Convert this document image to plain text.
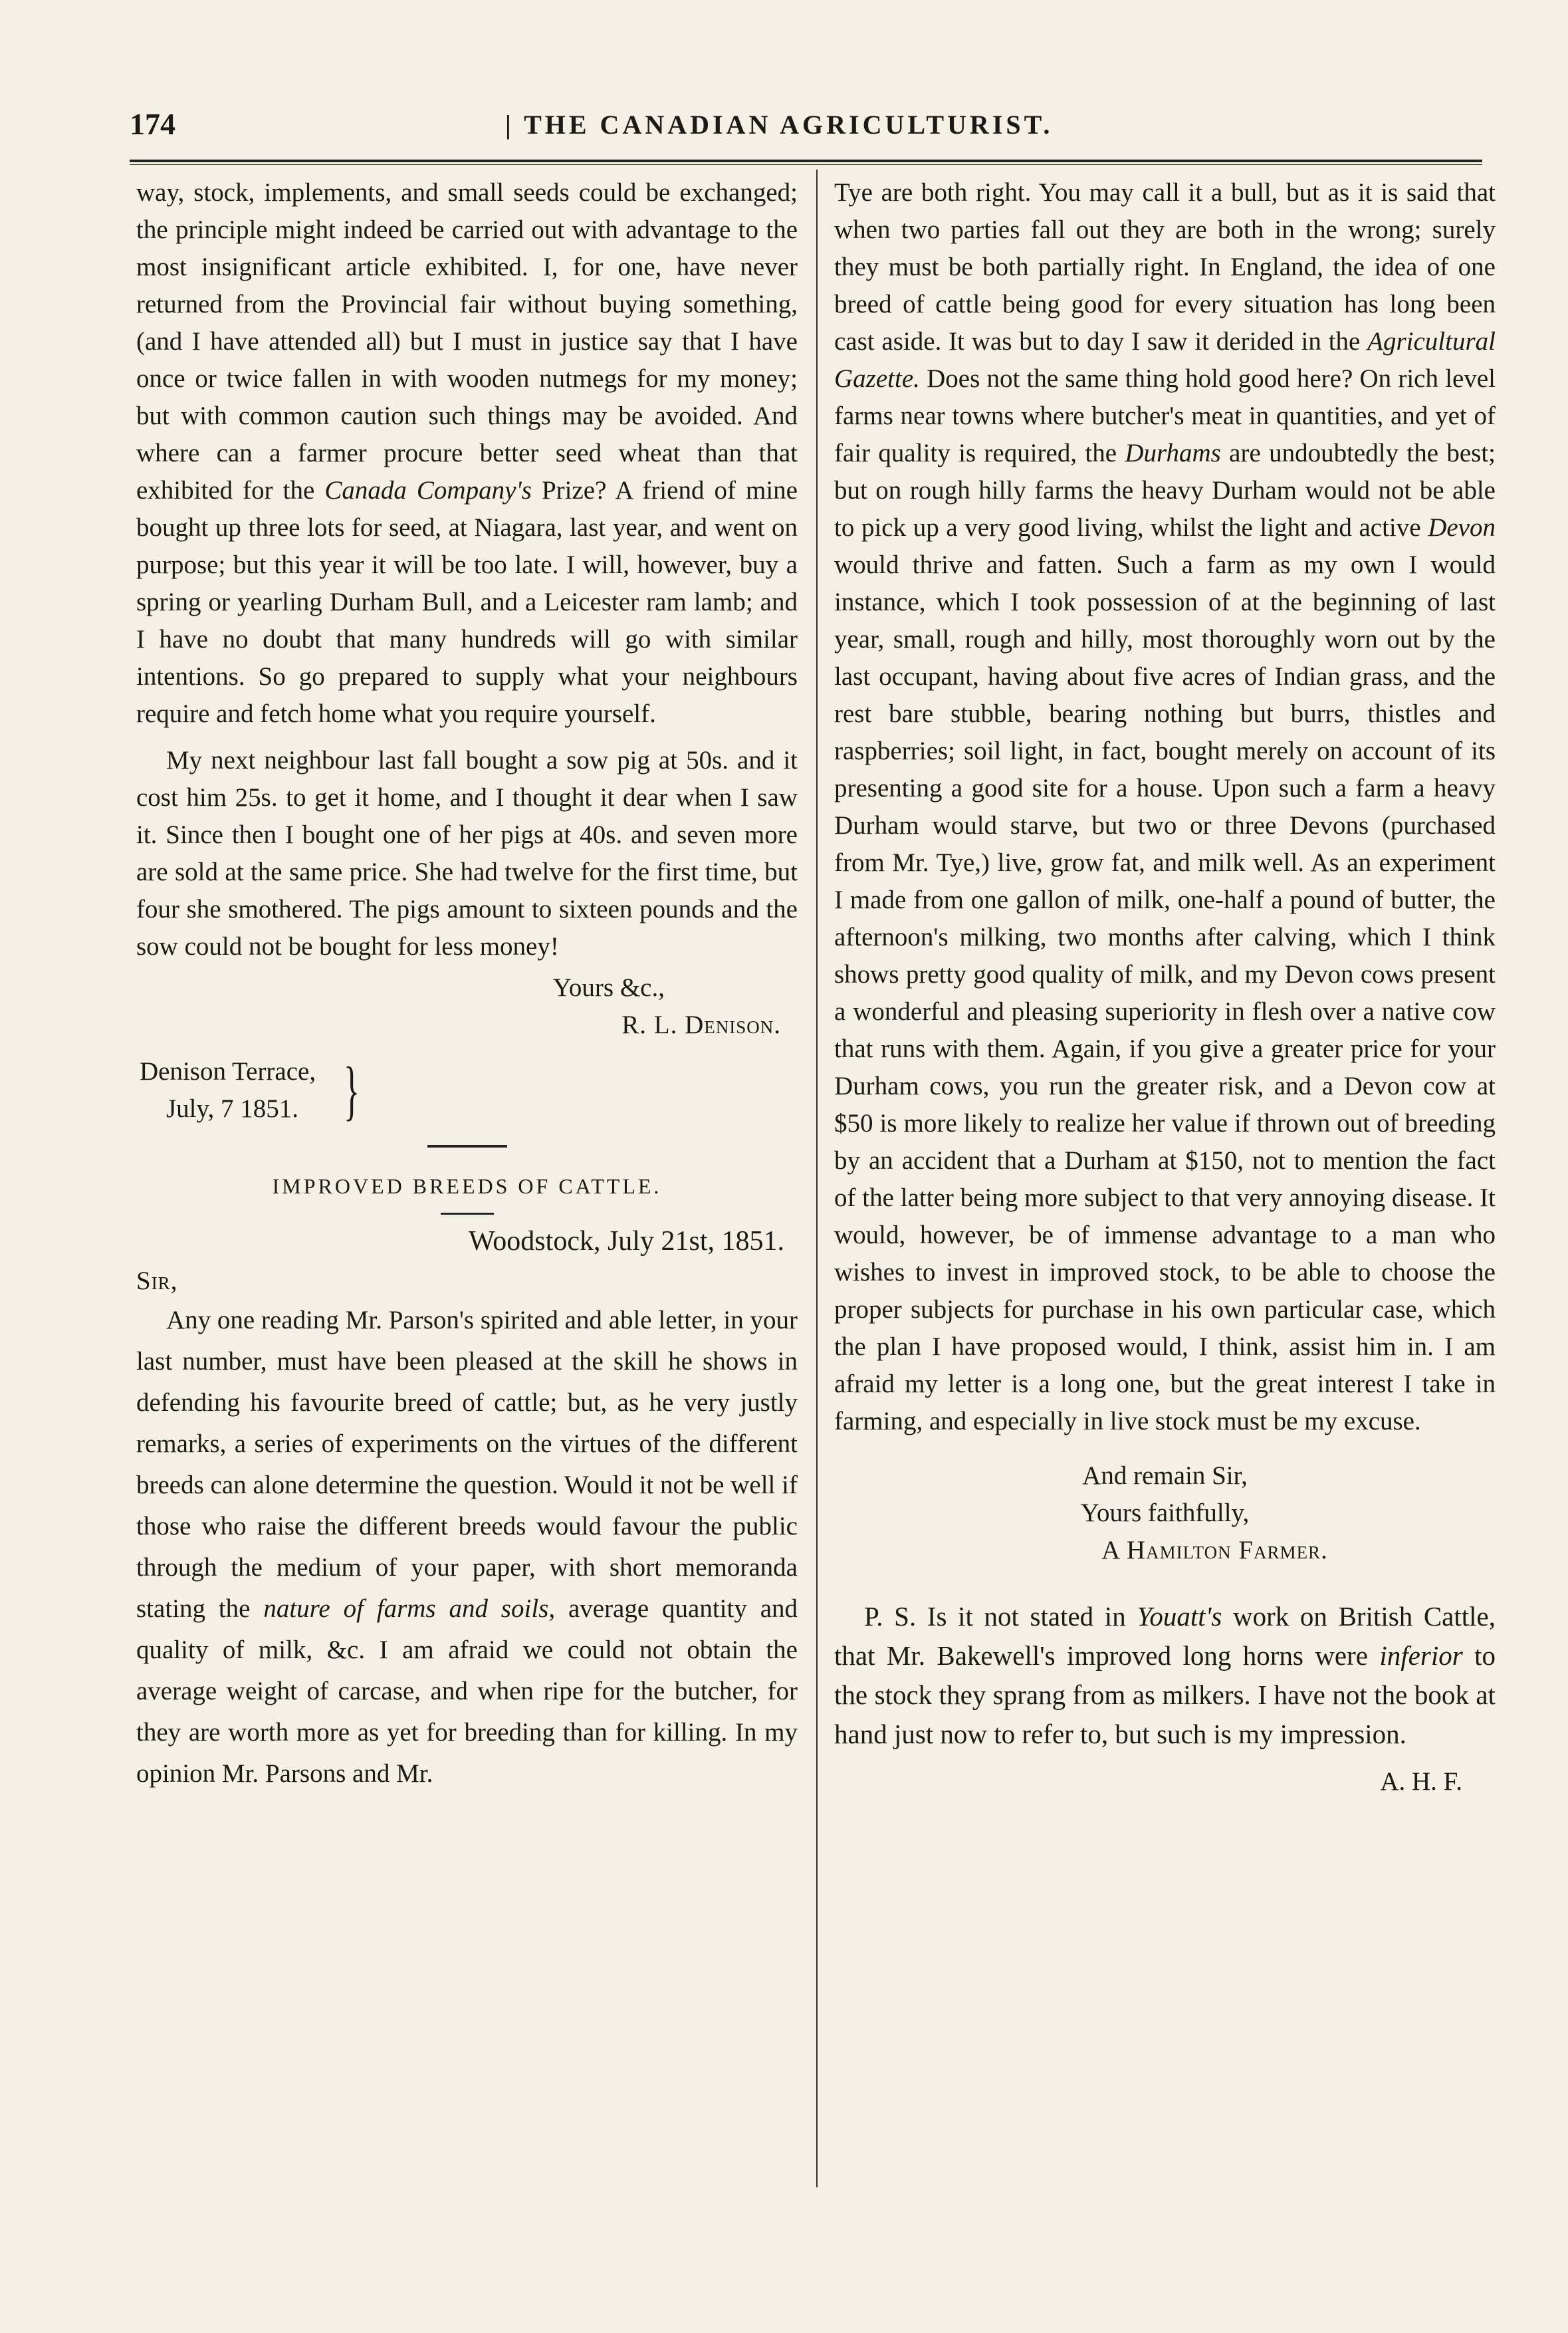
174	| THE CANADIAN AGRICULTURIST.

way, stock, implements, and small seeds could be exchanged; the principle might indeed be carried out with advantage to the most insignificant article exhibited. I, for one, have never returned from the Provincial fair without buying something, (and I have attended all) but I must in justice say that I have once or twice fallen in with wooden nutmegs for my money; but with common caution such things may be avoided. And where can a farmer procure better seed wheat than that exhibited for the Canada Company's Prize? A friend of mine bought up three lots for seed, at Niagara, last year, and went on purpose; but this year it will be too late. I will, however, buy a spring or yearling Durham Bull, and a Leicester ram lamb; and I have no doubt that many hundreds will go with similar intentions. So go prepared to supply what your neighbours require and fetch home what you require yourself.

My next neighbour last fall bought a sow pig at 50s. and it cost him 25s. to get it home, and I thought it dear when I saw it. Since then I bought one of her pigs at 40s. and seven more are sold at the same price. She had twelve for the first time, but four she smothered. The pigs amount to sixteen pounds and the sow could not be bought for less money!

Yours &c.,

R. L. Denison.

Denison Terrace,
July, 7 1851. }

IMPROVED BREEDS OF CATTLE.

Woodstock, July 21st, 1851.

Sir,

Any one reading Mr. Parson's spirited and able letter, in your last number, must have been pleased at the skill he shows in defending his favourite breed of cattle; but, as he very justly remarks, a series of experiments on the virtues of the different breeds can alone determine the question. Would it not be well if those who raise the different breeds would favour the public through the medium of your paper, with short memoranda stating the nature of farms and soils, average quantity and quality of milk, &c. I am afraid we could not obtain the average weight of carcase, and when ripe for the butcher, for they are worth more as yet for breeding than for killing. In my opinion Mr. Parsons and Mr.

Tye are both right. You may call it a bull, but as it is said that when two parties fall out they are both in the wrong; surely they must be both partially right. In England, the idea of one breed of cattle being good for every situation has long been cast aside. It was but to day I saw it derided in the Agricultural Gazette. Does not the same thing hold good here? On rich level farms near towns where butcher's meat in quantities, and yet of fair quality is required, the Durhams are undoubtedly the best; but on rough hilly farms the heavy Durham would not be able to pick up a very good living, whilst the light and active Devon would thrive and fatten. Such a farm as my own I would instance, which I took possession of at the beginning of last year, small, rough and hilly, most thoroughly worn out by the last occupant, having about five acres of Indian grass, and the rest bare stubble, bearing nothing but burrs, thistles and raspberries; soil light, in fact, bought merely on account of its presenting a good site for a house. Upon such a farm a heavy Durham would starve, but two or three Devons (purchased from Mr. Tye,) live, grow fat, and milk well. As an experiment I made from one gallon of milk, one-half a pound of butter, the afternoon's milking, two months after calving, which I think shows pretty good quality of milk, and my Devon cows present a wonderful and pleasing superiority in flesh over a native cow that runs with them. Again, if you give a greater price for your Durham cows, you run the greater risk, and a Devon cow at $50 is more likely to realize her value if thrown out of breeding by an accident that a Durham at $150, not to mention the fact of the latter being more subject to that very annoying disease. It would, however, be of immense advantage to a man who wishes to invest in improved stock, to be able to choose the proper subjects for purchase in his own particular case, which the plan I have proposed would, I think, assist him in. I am afraid my letter is a long one, but the great interest I take in farming, and especially in live stock must be my excuse.

And remain Sir,

Yours faithfully,

A Hamilton Farmer.

P. S. Is it not stated in Youatt's work on British Cattle, that Mr. Bakewell's improved long horns were inferior to the stock they sprang from as milkers. I have not the book at hand just now to refer to, but such is my impression.

A. H. F.
